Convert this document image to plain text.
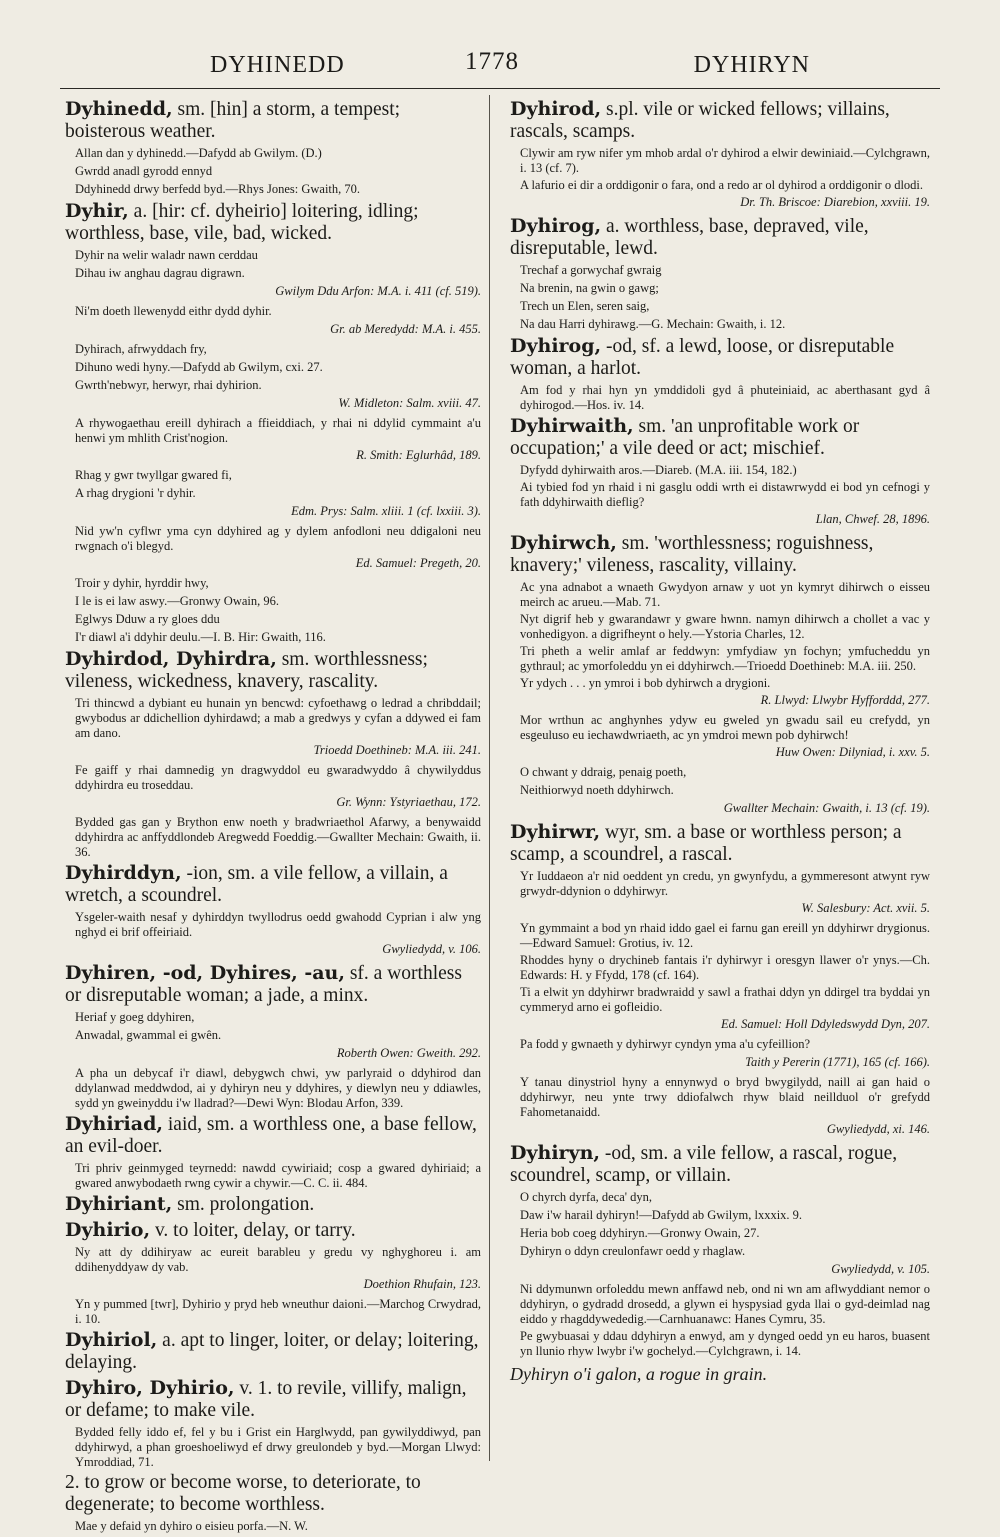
DYHINEDD	1778	DYHIRYN

Dyhinedd, sm. [hin] a storm, a tempest; boisterous weather.

Allan dan y dyhinedd.—Dafydd ab Gwilym. (D.)

Gwrdd anadl gyrodd ennyd

Ddyhinedd drwy berfedd byd.—Rhys Jones: Gwaith, 70.

Dyhir, a. [hir: cf. dyheirio] loitering, idling; worthless, base, vile, bad, wicked.

Dyhir na welir waladr nawn cerddau

Dihau iw anghau dagrau digrawn.

Gwilym Ddu Arfon: M.A. i. 411 (cf. 519).

Ni'm doeth llewenydd eithr dydd dyhir.

Gr. ab Meredydd: M.A. i. 455.

Dyhirach, afrwyddach fry,

Dihuno wedi hyny.—Dafydd ab Gwilym, cxi. 27.

Gwrth'nebwyr, herwyr, rhai dyhirion.

W. Midleton: Salm. xviii. 47.

A rhywogaethau ereill dyhirach a ffieiddiach, y rhai ni ddylid cymmaint a'u henwi ym mhlith Crist'nogion.

R. Smith: Eglurhâd, 189.

Rhag y gwr twyllgar gwared fi,

A rhag drygioni 'r dyhir.

Edm. Prys: Salm. xliii. 1 (cf. lxxiii. 3).

Nid yw'n cyflwr yma cyn ddyhired ag y dylem anfodloni neu ddigaloni neu rwgnach o'i blegyd.

Ed. Samuel: Pregeth, 20.

Troir y dyhir, hyrddir hwy,

I le is ei law aswy.—Gronwy Owain, 96.

Eglwys Dduw a ry gloes ddu

I'r diawl a'i ddyhir deulu.—I. B. Hir: Gwaith, 116.

Dyhirdod, Dyhirdra, sm. worthlessness; vileness, wickedness, knavery, rascality.

Tri thincwd a dybiant eu hunain yn bencwd: cyfoethawg o ledrad a chribddail; gwybodus ar ddichellion dyhirdawd; a mab a gredwys y cyfan a ddywed ei fam am dano.

Trioedd Doethineb: M.A. iii. 241.

Fe gaiff y rhai damnedig yn dragwyddol eu gwaradwyddo â chywilyddus ddyhirdra eu troseddau.

Gr. Wynn: Ystyriaethau, 172.

Bydded gas gan y Brython enw noeth y bradwriaethol Afarwy, a benywaidd ddyhirdra ac anffyddlondeb Aregwedd Foeddig.—Gwallter Mechain: Gwaith, ii. 36.

Dyhirddyn, -ion, sm. a vile fellow, a villain, a wretch, a scoundrel.

Ysgeler-waith nesaf y dyhirddyn twyllodrus oedd gwahodd Cyprian i alw yng nghyd ei brif offeiriaid.

Gwyliedydd, v. 106.

Dyhiren, -od, Dyhires, -au, sf. a worthless or disreputable woman; a jade, a minx.

Heriaf y goeg ddyhiren,

Anwadal, gwammal ei gwên.

Roberth Owen: Gweith. 292.

A pha un debycaf i'r diawl, debygwch chwi, yw parlyraid o ddyhirod dan ddylanwad meddwdod, ai y dyhiryn neu y ddyhires, y diewlyn neu y ddiawles, sydd yn gweinyddu i'w lladrad?—Dewi Wyn: Blodau Arfon, 339.

Dyhiriad, iaid, sm. a worthless one, a base fellow, an evil-doer.

Tri phriv geinmyged teyrnedd: nawdd cywiriaid; cosp a gwared dyhiriaid; a gwared anwybodaeth rwng cywir a chywir.—C. C. ii. 484.

Dyhiriant, sm. prolongation.

Dyhirio, v. to loiter, delay, or tarry.

Ny att dy ddihiryaw ac eureit barableu y gredu vy nghyghoreu i. am ddihenyddyaw dy vab.

Doethion Rhufain, 123.

Yn y pummed [twr], Dyhirio y pryd heb wneuthur daioni.—Marchog Crwydrad, i. 10.

Dyhiriol, a. apt to linger, loiter, or delay; loitering, delaying.

Dyhiro, Dyhirio, v. 1. to revile, villify, malign, or defame; to make vile.

Bydded felly iddo ef, fel y bu i Grist ein Harglwydd, pan gywilyddiwyd, pan ddyhirwyd, a phan groeshoeliwyd ef drwy greulondeb y byd.—Morgan Llwyd: Ymroddiad, 71.

2. to grow or become worse, to deteriorate, to degenerate; to become worthless.

Mae y defaid yn dyhiro o eisieu porfa.—N. W.

Dyhirod, s.pl. vile or wicked fellows; villains, rascals, scamps.

Clywir am ryw nifer ym mhob ardal o'r dyhirod a elwir dewiniaid.—Cylchgrawn, i. 13 (cf. 7).

A lafurio ei dir a orddigonir o fara, ond a redo ar ol dyhirod a orddigonir o dlodi.

Dr. Th. Briscoe: Diarebion, xxviii. 19.

Dyhirog, a. worthless, base, depraved, vile, disreputable, lewd.

Trechaf a gorwychaf gwraig

Na brenin, na gwin o gawg;

Trech un Elen, seren saig,

Na dau Harri dyhirawg.—G. Mechain: Gwaith, i. 12.

Dyhirog, -od, sf. a lewd, loose, or disreputable woman, a harlot.

Am fod y rhai hyn yn ymddidoli gyd â phuteiniaid, ac aberthasant gyd â dyhirogod.—Hos. iv. 14.

Dyhirwaith, sm. 'an unprofitable work or occupation;' a vile deed or act; mischief.

Dyfydd dyhirwaith aros.—Diareb. (M.A. iii. 154, 182.)

Ai tybied fod yn rhaid i ni gasglu oddi wrth ei distawrwydd ei bod yn cefnogi y fath ddyhirwaith dieflig?

Llan, Chwef. 28, 1896.

Dyhirwch, sm. 'worthlessness; roguishness, knavery;' vileness, rascality, villainy.

Ac yna adnabot a wnaeth Gwydyon arnaw y uot yn kymryt dihirwch o eisseu meirch ac arueu.—Mab. 71.

Nyt digrif heb y gwarandawr y gware hwnn. namyn dihirwch a chollet a vac y vonhedigyon. a digrifheynt o hely.—Ystoria Charles, 12.

Tri pheth a welir amlaf ar feddwyn: ymfydiaw yn fochyn; ymfucheddu yn gythraul; ac ymorfoleddu yn ei ddyhirwch.—Trioedd Doethineb: M.A. iii. 250.

Yr ydych . . . yn ymroi i bob dyhirwch a drygioni.

R. Llwyd: Llwybr Hyfforddd, 277.

Mor wrthun ac anghynhes ydyw eu gweled yn gwadu sail eu crefydd, yn esgeuluso eu iechawdwriaeth, ac yn ymdroi mewn pob dyhirwch!

Huw Owen: Dilyniad, i. xxv. 5.

O chwant y ddraig, penaig poeth,

Neithiorwyd noeth ddyhirwch.

Gwallter Mechain: Gwaith, i. 13 (cf. 19).

Dyhirwr, wyr, sm. a base or worthless person; a scamp, a scoundrel, a rascal.

Yr Iuddaeon a'r nid oeddent yn credu, yn gwynfydu, a gymmeresont atwynt ryw grwydr-ddynion o ddyhirwyr.

W. Salesbury: Act. xvii. 5.

Yn gymmaint a bod yn rhaid iddo gael ei farnu gan ereill yn ddyhirwr drygionus.—Edward Samuel: Grotius, iv. 12.

Rhoddes hyny o drychineb fantais i'r dyhirwyr i oresgyn llawer o'r ynys.—Ch. Edwards: H. y Ffydd, 178 (cf. 164).

Ti a elwit yn ddyhirwr bradwraidd y sawl a frathai ddyn yn ddirgel tra byddai yn cymmeryd arno ei gofleidio.

Ed. Samuel: Holl Ddyledswydd Dyn, 207.

Pa fodd y gwnaeth y dyhirwyr cyndyn yma a'u cyfeillion?

Taith y Pererin (1771), 165 (cf. 166).

Y tanau dinystriol hyny a ennynwyd o bryd bwygilydd, naill ai gan haid o ddyhirwyr, neu ynte trwy ddiofalwch rhyw blaid neillduol o'r grefydd Fahometanaidd.

Gwyliedydd, xi. 146.

Dyhiryn, -od, sm. a vile fellow, a rascal, rogue, scoundrel, scamp, or villain.

O chyrch dyrfa, deca' dyn,

Daw i'w harail dyhiryn!—Dafydd ab Gwilym, lxxxix. 9.

Heria bob coeg ddyhiryn.—Gronwy Owain, 27.

Dyhiryn o ddyn creulonfawr oedd y rhaglaw.

Gwyliedydd, v. 105.

Ni ddymunwn orfoleddu mewn anffawd neb, ond ni wn am aflwyddiant nemor o ddyhiryn, o gydradd drosedd, a glywn ei hyspysiad gyda llai o gyd-deimlad nag eiddo y rhagddywededig.—Carnhuanawc: Hanes Cymru, 35.

Pe gwybuasai y ddau ddyhiryn a enwyd, am y dynged oedd yn eu haros, buasent yn llunio rhyw lwybr i'w gochelyd.—Cylchgrawn, i. 14.

Dyhiryn o'i galon, a rogue in grain.
